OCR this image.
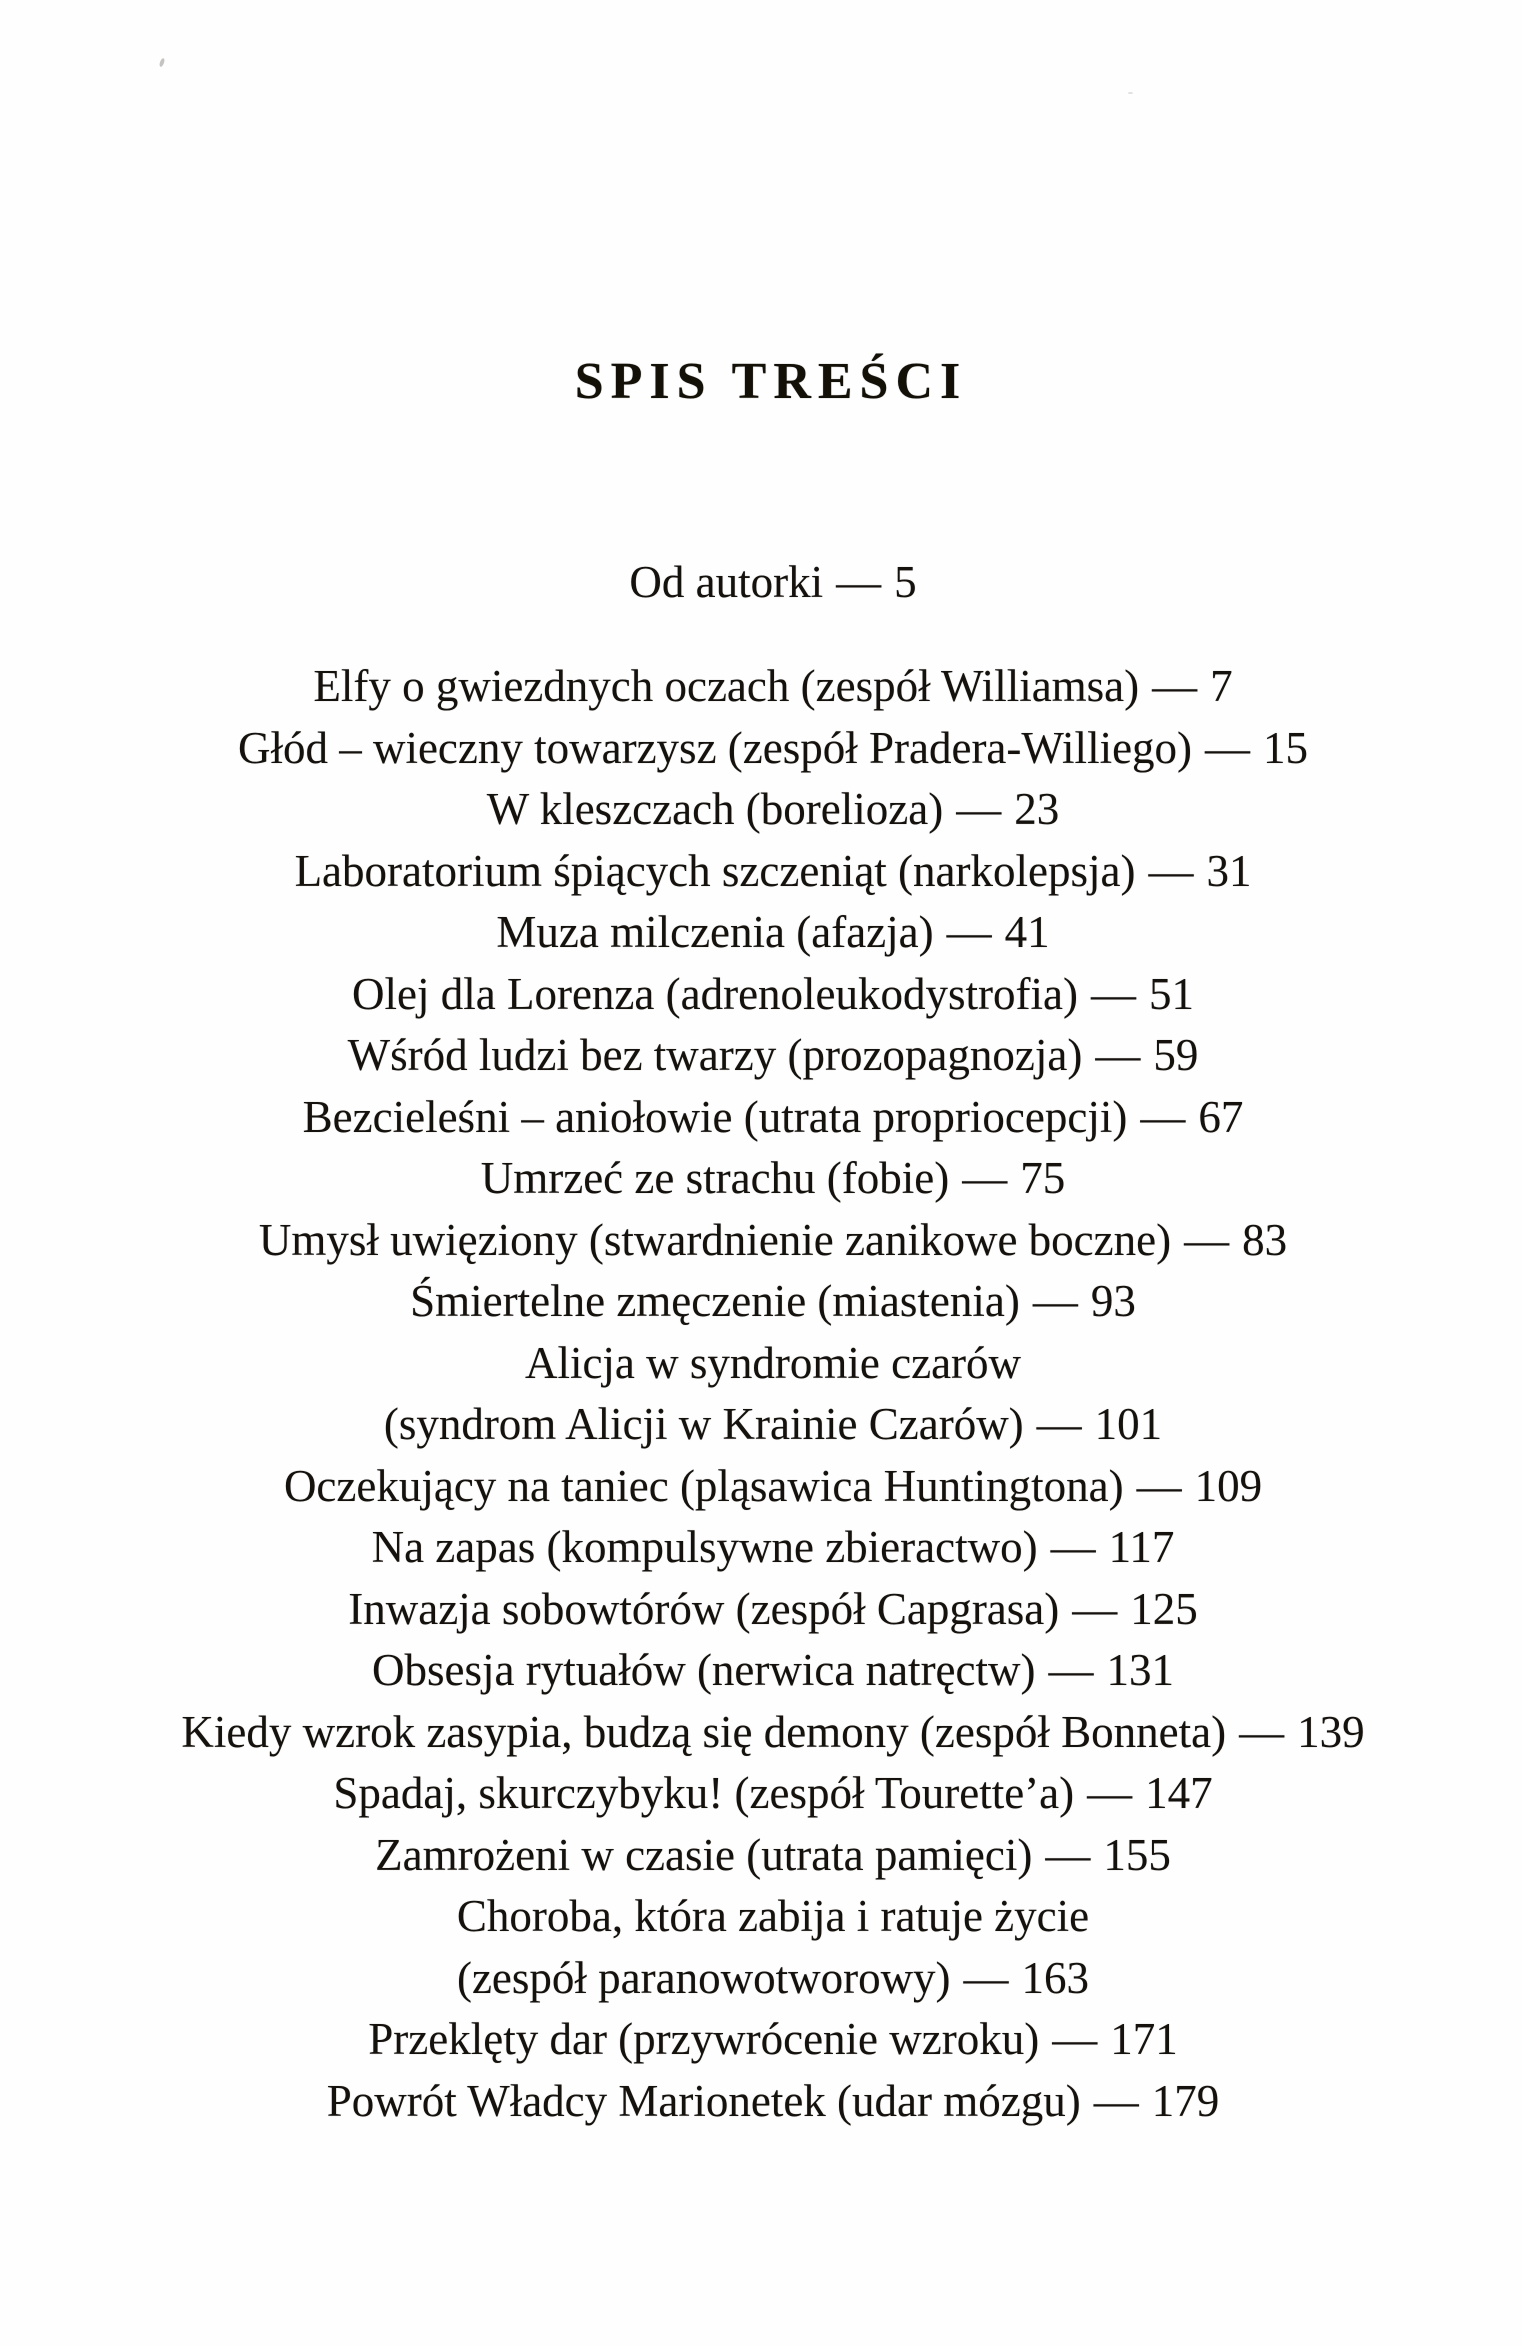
SPIS TREŚCI
Od autorki — 5
Elfy o gwiezdnych oczach (zespół Williamsa) — 7
Głód – wieczny towarzysz (zespół Pradera-Williego) — 15
W kleszczach (borelioza) — 23
Laboratorium śpiących szczeniąt (narkolepsja) — 31
Muza milczenia (afazja) — 41
Olej dla Lorenza (adrenoleukodystrofia) — 51
Wśród ludzi bez twarzy (prozopagnozja) — 59
Bezcieleśni – aniołowie (utrata propriocepcji) — 67
Umrzeć ze strachu (fobie) — 75
Umysł uwięziony (stwardnienie zanikowe boczne) — 83
Śmiertelne zmęczenie (miastenia) — 93
Alicja w syndromie czarów
(syndrom Alicji w Krainie Czarów) — 101
Oczekujący na taniec (pląsawica Huntingtona) — 109
Na zapas (kompulsywne zbieractwo) — 117
Inwazja sobowtórów (zespół Capgrasa) — 125
Obsesja rytuałów (nerwica natręctw) — 131
Kiedy wzrok zasypia, budzą się demony (zespół Bonneta) — 139
Spadaj, skurczybyku! (zespół Tourette’a) — 147
Zamrożeni w czasie (utrata pamięci) — 155
Choroba, która zabija i ratuje życie
(zespół paranowotworowy) — 163
Przeklęty dar (przywrócenie wzroku) — 171
Powrót Władcy Marionetek (udar mózgu) — 179
